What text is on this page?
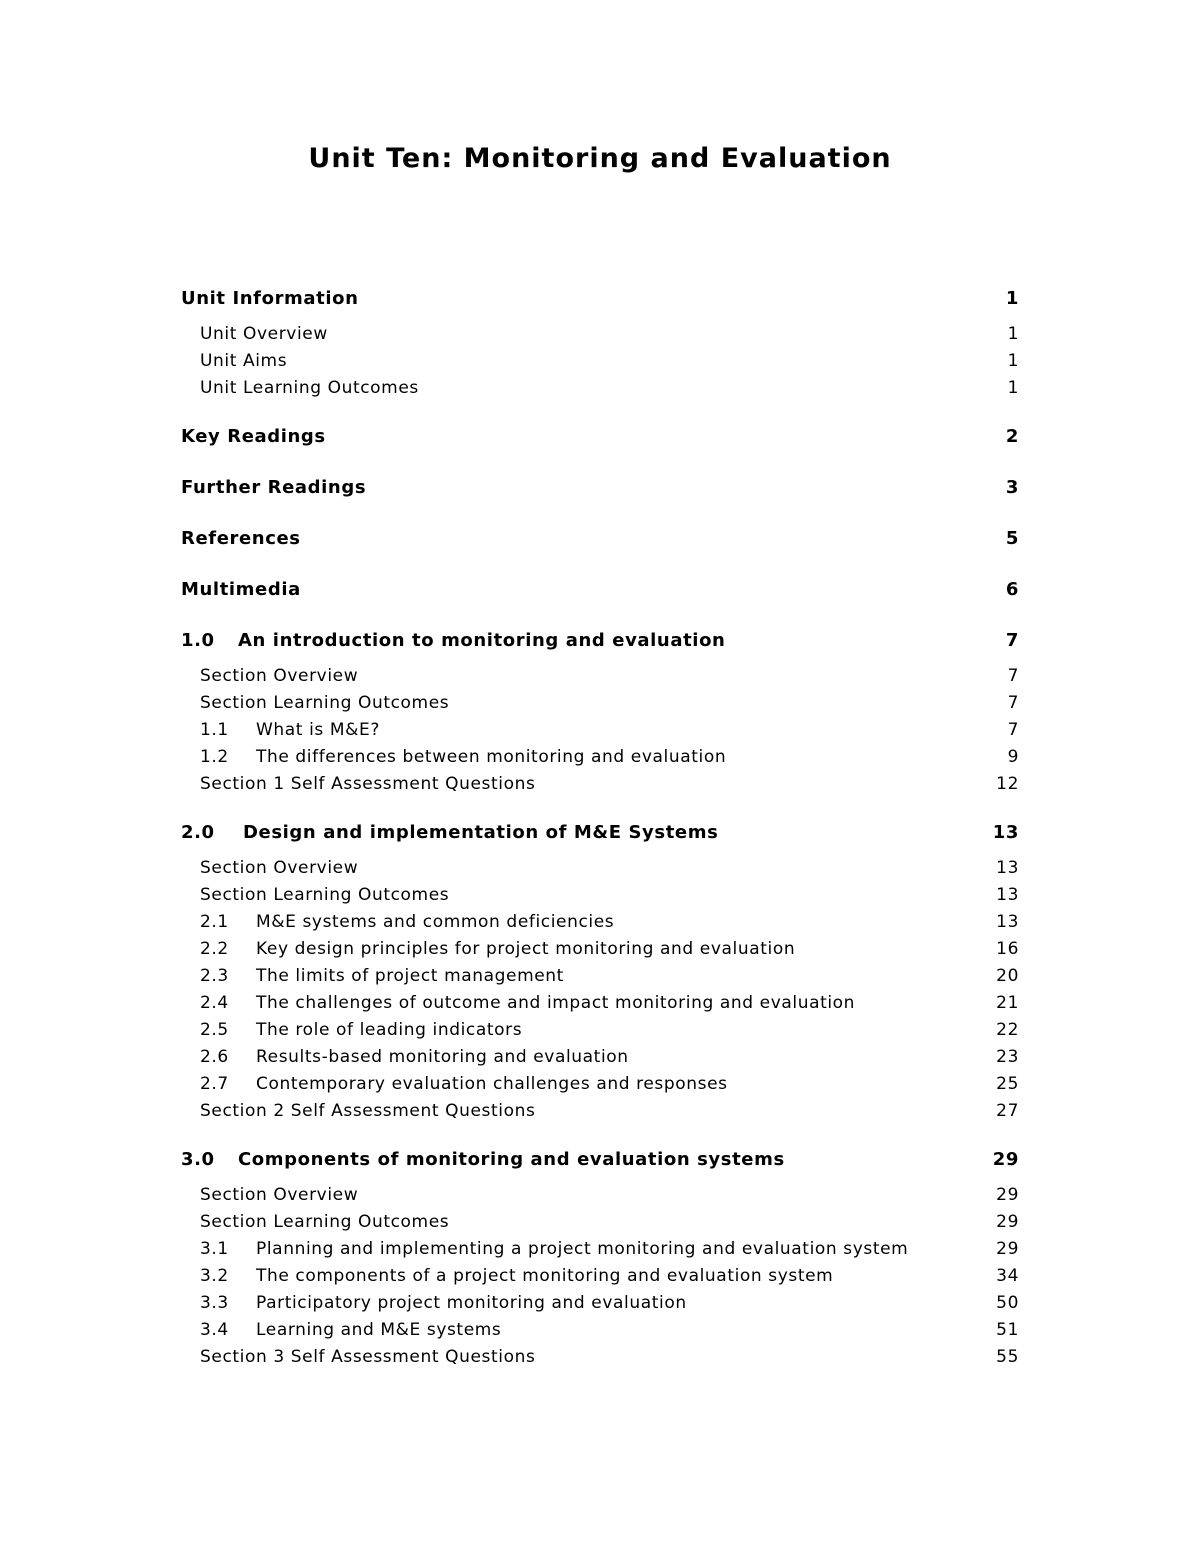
Unit Ten: Monitoring and Evaluation
Unit Information	1
Unit Overview	1
Unit Aims	1
Unit Learning Outcomes	1
Key Readings	2
Further Readings	3
References	5
Multimedia	6
1.0 An introduction to monitoring and evaluation	7
Section Overview	7
Section Learning Outcomes	7
1.1 What is M&E?	7
1.2 The differences between monitoring and evaluation	9
Section 1 Self Assessment Questions	12
2.0 Design and implementation of M&E Systems	13
Section Overview	13
Section Learning Outcomes	13
2.1 M&E systems and common deficiencies	13
2.2 Key design principles for project monitoring and evaluation	16
2.3 The limits of project management	20
2.4 The challenges of outcome and impact monitoring and evaluation	21
2.5 The role of leading indicators	22
2.6 Results-based monitoring and evaluation	23
2.7 Contemporary evaluation challenges and responses	25
Section 2 Self Assessment Questions	27
3.0 Components of monitoring and evaluation systems	29
Section Overview	29
Section Learning Outcomes	29
3.1 Planning and implementing a project monitoring and evaluation system	29
3.2 The components of a project monitoring and evaluation system	34
3.3 Participatory project monitoring and evaluation	50
3.4 Learning and M&E systems	51
Section 3 Self Assessment Questions	55
